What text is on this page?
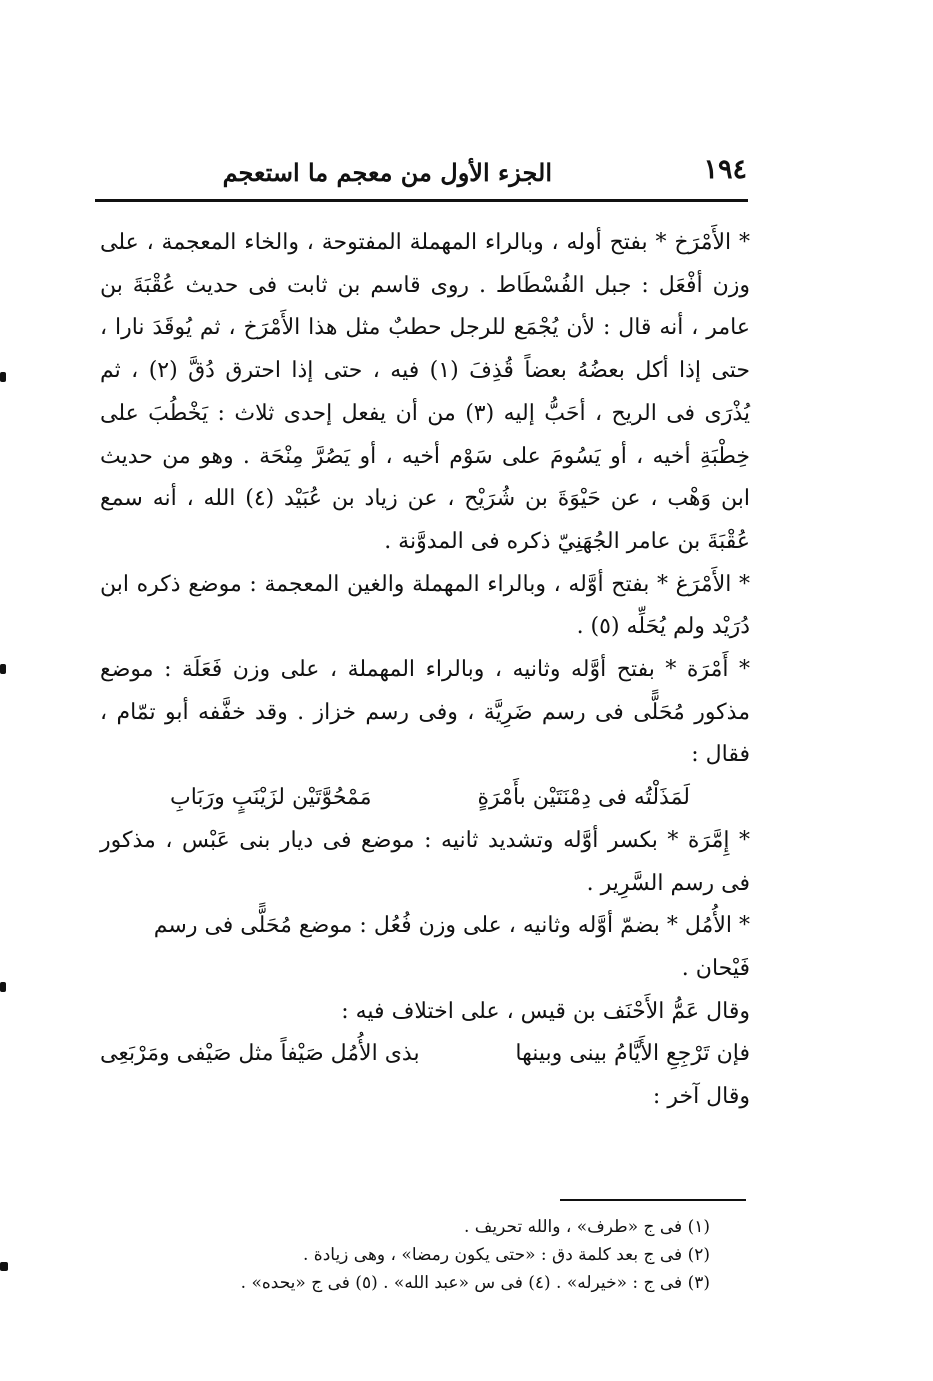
الجزء الأول من معجم ما استعجم	١٩٤

* الأَمْرَخ * بفتح أوله ، وبالراء المهملة المفتوحة ، والخاء المعجمة ، على وزن أفْعَل : جبل الفُسْطَاط . روى قاسم بن ثابت فى حديث عُقْبَةَ بن عامر ، أنه قال : لأن يُجْمَع للرجل حطبٌ مثل هذا الأَمْرَخ ، ثم يُوقَدَ نارا ، حتى إذا أكل بعضُهُ بعضاً قُذِفَ (١) فيه ، حتى إذا احترق دُقَّ (٢) ، ثم يُذْرَى فى الريح ، أحَبُّ إليه (٣) من أن يفعل إحدى ثلاث : يَخْطُبَ على خِطْبَةِ أخيه ، أو يَسُومَ على سَوْم أخيه ، أو يَصُرَّ مِنْحَة . وهو من حديث ابن وَهْب ، عن حَيْوَةَ بن شُرَيْح ، عن زياد بن عُبَيْد (٤) الله ، أنه سمع عُقْبَةَ بن عامر الجُهَنِيّ ذكره فى المدوَّنة .

* الأَمْرَغ * بفتح أوَّله ، وبالراء المهملة والغين المعجمة : موضع ذكره ابن دُرَيْد ولم يُحَلِّه (٥) .

* أَمْرَة * بفتح أوَّله وثانيه ، وبالراء المهملة ، على وزن فَعَلَة : موضع مذكور مُحَلًّى فى رسم ضَرِيَّة ، وفى رسم خزاز . وقد خفَّفه أبو تمّام ، فقال :

لَمَذَلْتُه فى دِمْنَتَيْن بأَمْرَةٍ
مَمْحُوَّتَيْن لزَيْنَبٍ ورَبَابِ

* إِمَّرَة * بكسر أوَّله وتشديد ثانيه : موضع فى ديار بنى عَبْس ، مذكور فى رسم السَّرِير .

* الأُمُل * بضمّ أوَّله وثانيه ، على وزن فُعُل : موضع مُحَلًّى فى رسم فَيْحان .

وقال عَمُّ الأَحْنَف بن قيس ، على اختلاف فيه :

فإن تَرْجِعِ الأَيَّامُ بينى وبينها
بذى الأُمُل صَيْفاً مثل صَيْفى ومَرْبَعِى

وقال آخر :

(١) فى ج «طرف» ، والله تحريف .
(٢) فى ج بعد كلمة دق : «حتى يكون رمضا» ، وهى زيادة .
(٣) فى ج : «خيرله» . (٤) فى س «عبد الله» . (٥) فى ج «يحده» .
